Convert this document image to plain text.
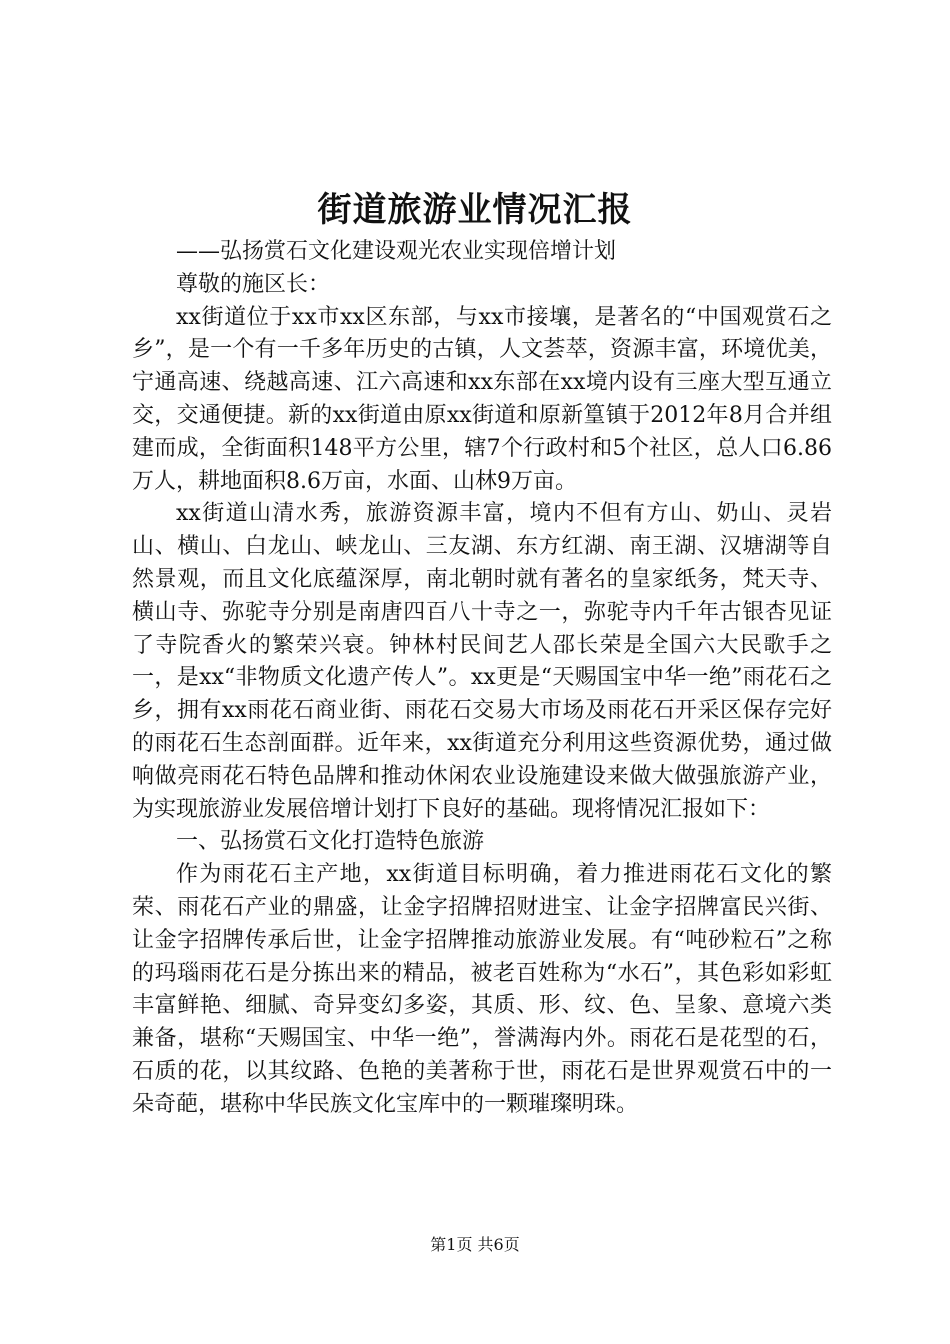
街道旅游业情况汇报
——弘扬赏石文化建设观光农业实现倍增计划
尊敬的施区长：

xx街道位于xx市xx区东部，与xx市接壤，是著名的“中国观赏石之乡”，是一个有一千多年历史的古镇，人文荟萃，资源丰富，环境优美，宁通高速、绕越高速、江六高速和xx东部在xx境内设有三座大型互通立交，交通便捷。新的xx街道由原xx街道和原新篁镇于2012年8月合并组建而成，全街面积148平方公里，辖7个行政村和5个社区，总人口6.86万人，耕地面积8.6万亩，水面、山林9万亩。

xx街道山清水秀，旅游资源丰富，境内不但有方山、奶山、灵岩山、横山、白龙山、峡龙山、三友湖、东方红湖、南王湖、汉塘湖等自然景观，而且文化底蕴深厚，南北朝时就有著名的皇家纸务，梵天寺、横山寺、弥驼寺分别是南唐四百八十寺之一，弥驼寺内千年古银杏见证了寺院香火的繁荣兴衰。钟林村民间艺人邵长荣是全国六大民歌手之一，是xx“非物质文化遗产传人”。xx更是“天赐国宝中华一绝”雨花石之乡，拥有xx雨花石商业街、雨花石交易大市场及雨花石开采区保存完好的雨花石生态剖面群。近年来，xx街道充分利用这些资源优势，通过做响做亮雨花石特色品牌和推动休闲农业设施建设来做大做强旅游产业，为实现旅游业发展倍增计划打下良好的基础。现将情况汇报如下：

一、弘扬赏石文化打造特色旅游

作为雨花石主产地，xx街道目标明确，着力推进雨花石文化的繁荣、雨花石产业的鼎盛，让金字招牌招财进宝、让金字招牌富民兴街、让金字招牌传承后世，让金字招牌推动旅游业发展。有“吨砂粒石”之称的玛瑙雨花石是分拣出来的精品，被老百姓称为“水石”，其色彩如彩虹丰富鲜艳、细腻、奇异变幻多姿，其质、形、纹、色、呈象、意境六类兼备，堪称“天赐国宝、中华一绝”，誉满海内外。雨花石是花型的石，石质的花，以其纹路、色艳的美著称于世，雨花石是世界观赏石中的一朵奇葩，堪称中华民族文化宝库中的一颗璀璨明珠。

第1页 共6页
